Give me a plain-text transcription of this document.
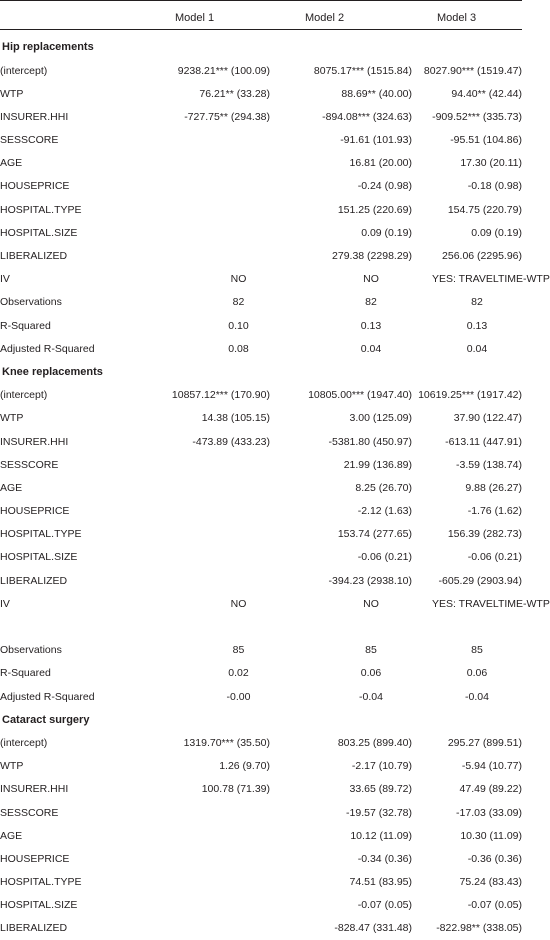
Model 1	Model 2	Model 3

Hip replacements			
(intercept)	9238.21*** (100.09)	8075.17*** (1515.84)	8027.90*** (1519.47)
WTP	76.21** (33.28)	88.69** (40.00)	94.40** (42.44)
INSURER.HHI	-727.75** (294.38)	-894.08*** (324.63)	-909.52*** (335.73)
SESSCORE		-91.61 (101.93)	-95.51 (104.86)
AGE		16.81 (20.00)	17.30 (20.11)
HOUSEPRICE		-0.24 (0.98)	-0.18 (0.98)
HOSPITAL.TYPE		151.25 (220.69)	154.75 (220.79)
HOSPITAL.SIZE		0.09 (0.19)	0.09 (0.19)
LIBERALIZED		279.38 (2298.29)	256.06 (2295.96)
IV	NO	NO	YES: TRAVELTIME-WTP
Observations	82	82	82
R-Squared	0.10	0.13	0.13
Adjusted R-Squared	0.08	0.04	0.04
Knee replacements			
(intercept)	10857.12*** (170.90)	10805.00*** (1947.40)	10619.25*** (1917.42)
WTP	14.38 (105.15)	3.00 (125.09)	37.90 (122.47)
INSURER.HHI	-473.89 (433.23)	-5381.80 (450.97)	-613.11 (447.91)
SESSCORE		21.99 (136.89)	-3.59 (138.74)
AGE		8.25 (26.70)	9.88 (26.27)
HOUSEPRICE		-2.12 (1.63)	-1.76 (1.62)
HOSPITAL.TYPE		153.74 (277.65)	156.39 (282.73)
HOSPITAL.SIZE		-0.06 (0.21)	-0.06 (0.21)
LIBERALIZED		-394.23 (2938.10)	-605.29 (2903.94)
IV	NO	NO	YES: TRAVELTIME-WTP

Observations	85	85	85
R-Squared	0.02	0.06	0.06
Adjusted R-Squared	-0.00	-0.04	-0.04
Cataract surgery			
(intercept)	1319.70*** (35.50)	803.25 (899.40)	295.27 (899.51)
WTP	1.26 (9.70)	-2.17 (10.79)	-5.94 (10.77)
INSURER.HHI	100.78 (71.39)	33.65 (89.72)	47.49 (89.22)
SESSCORE		-19.57 (32.78)	-17.03 (33.09)
AGE		10.12 (11.09)	10.30 (11.09)
HOUSEPRICE		-0.34 (0.36)	-0.36 (0.36)
HOSPITAL.TYPE		74.51 (83.95)	75.24 (83.43)
HOSPITAL.SIZE		-0.07 (0.05)	-0.07 (0.05)
LIBERALIZED		-828.47 (331.48)	-822.98** (338.05)
